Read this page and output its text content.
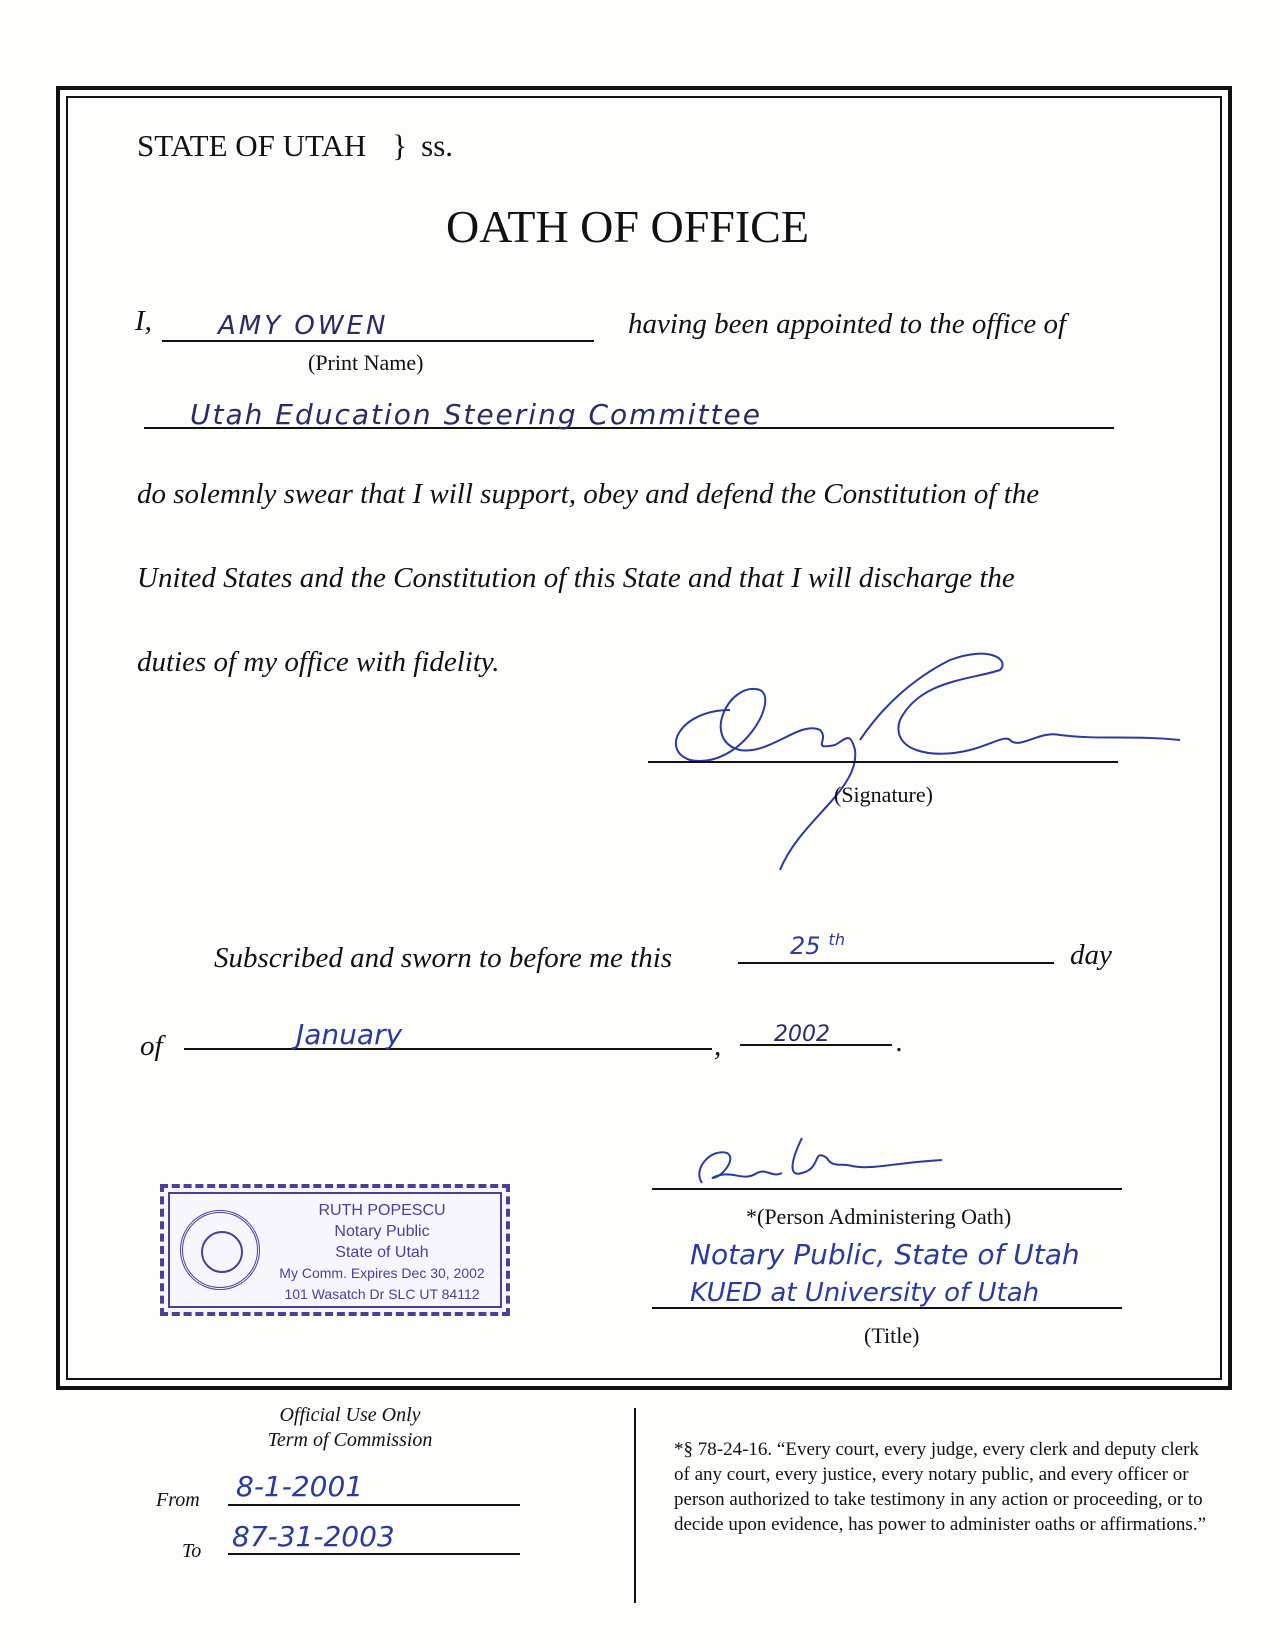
STATE OF UTAH } ss.
OATH OF OFFICE
I,	AMY OWEN	having been appointed to the office of
(Print Name)
Utah Education Steering Committee
do solemnly swear that I will support, obey and defend the Constitution of the
United States and the Constitution of this State and that I will discharge the
duties of my office with fidelity.
(Signature)
Subscribed and sworn to before me this	25 $^{th}$	day
of	January	, 2002 .
RUTH POPESCU
Notary Public
State of Utah
My Comm. Expires Dec 30, 2002
101 Wasatch Dr SLC UT 84112
*(Person Administering Oath)
Notary Public, State of Utah
KUED at University of Utah
(Title)
Official Use Only
Term of Commission
From 8-1-2001
To 87-31-2003
*§ 78-24-16. “Every court, every judge, every clerk and deputy clerk of any court, every justice, every notary public, and every officer or person authorized to take testimony in any action or proceeding, or to decide upon evidence, has power to administer oaths or affirmations.”
